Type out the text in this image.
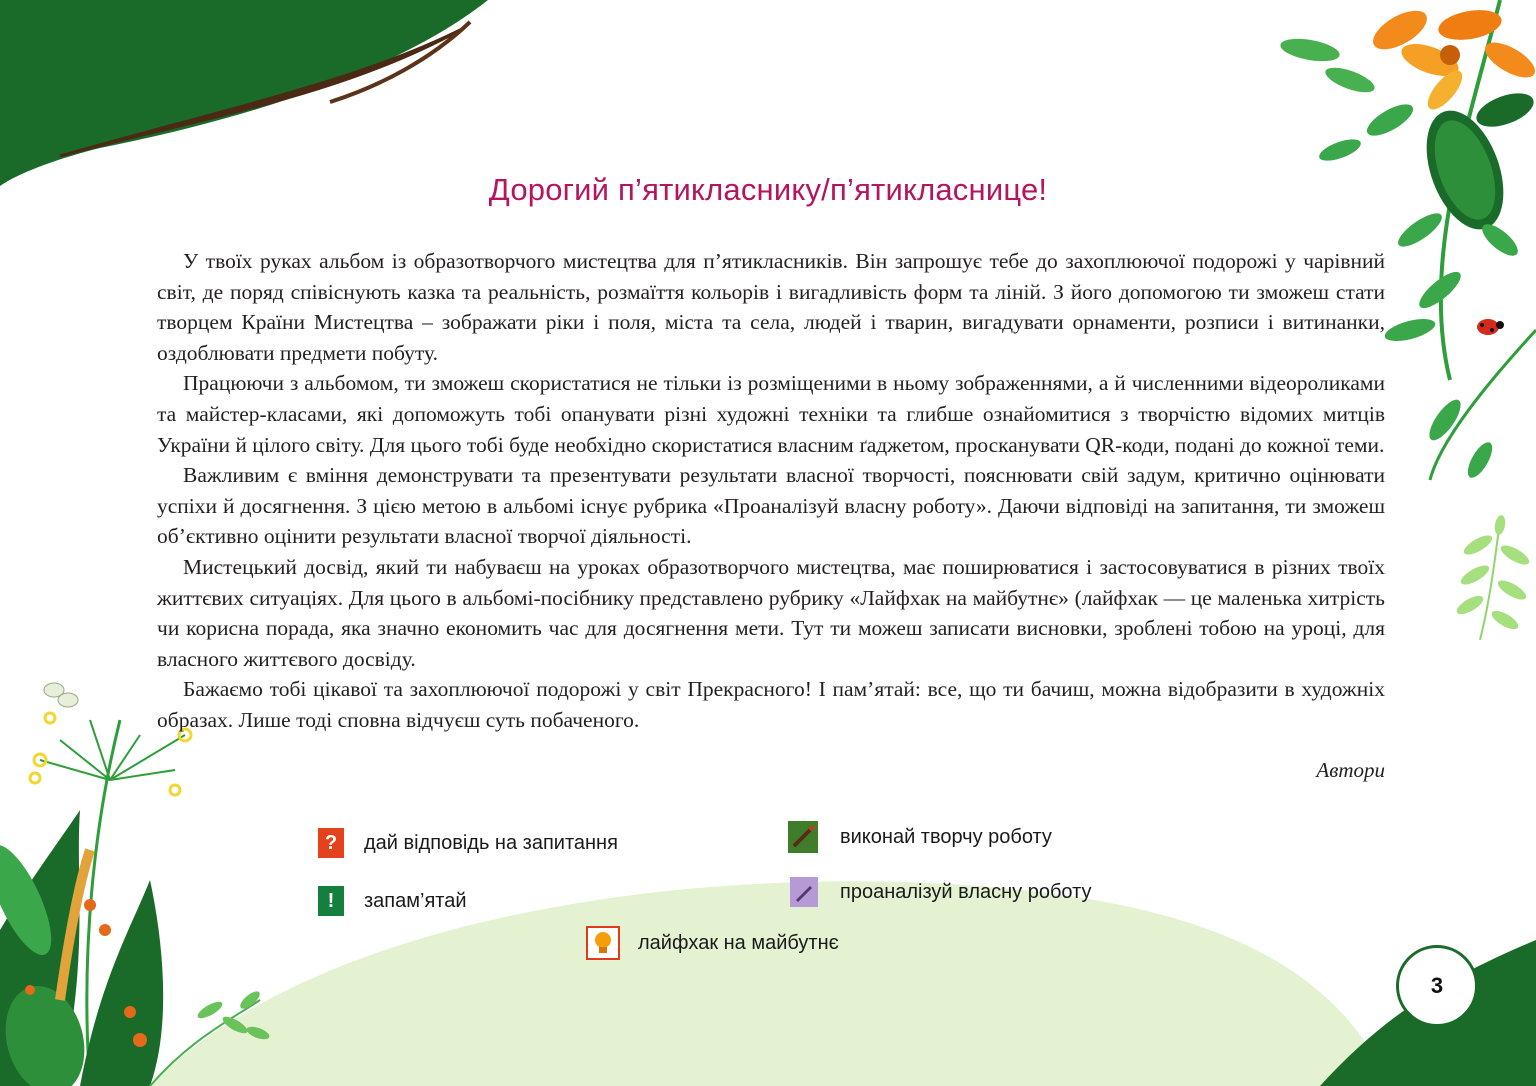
Дорогий п’ятикласнику/п’ятикласнице!

У твоїх руках альбом із образотворчого мистецтва для п’ятикласників. Він запрошує тебе до захоплюючої подорожі у чарівний світ, де поряд співіснують казка та реальність, розмаїття кольорів і вигадливість форм та ліній. З його допомогою ти зможеш стати творцем Країни Мистецтва – зображати ріки і поля, міста та села, людей і тварин, вигадувати орнаменти, розписи і витинанки, оздоблювати предмети побуту.

Працюючи з альбомом, ти зможеш скористатися не тільки із розміщеними в ньому зображеннями, а й численними відеороликами та майстер-класами, які допоможуть тобі опанувати різні художні техніки та глибше ознайомитися з творчістю відомих митців України й цілого світу. Для цього тобі буде необхідно скористатися власним ґаджетом, просканувати QR-коди, подані до кожної теми.

Важливим є вміння демонструвати та презентувати результати власної творчості, пояснювати свій задум, критично оцінювати успіхи й досягнення. З цією метою в альбомі існує рубрика «Проаналізуй власну роботу». Даючи відповіді на запитання, ти зможеш об’єктивно оцінити результати власної творчої діяльності.

Мистецький досвід, який ти набуваєш на уроках образотворчого мистецтва, має поширюватися і застосовуватися в різних твоїх життєвих ситуаціях. Для цього в альбомі-посібнику представлено рубрику «Лайфхак на майбутнє» (лайфхак — це маленька хитрість чи корисна порада, яка значно економить час для досягнення мети. Тут ти можеш записати висновки, зроблені тобою на уроці, для власного життєвого досвіду.

Бажаємо тобі цікавої та захоплюючої подорожі у світ Прекрасного! І пам’ятай: все, що ти бачиш, можна відобразити в художніх образах. Лише тоді сповна відчуєш суть побаченого.

Автори
?	дай відповідь на запитання
!	запам’ятай
лайфхак на майбутнє
виконай творчу роботу
проаналізуй власну роботу
3
